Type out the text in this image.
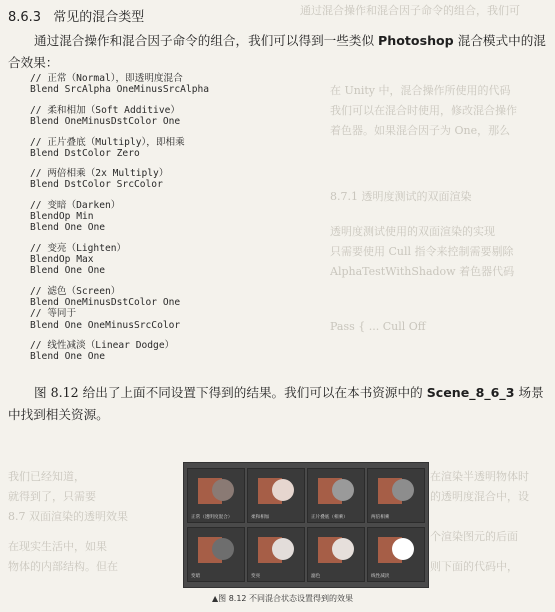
通过混合操作和混合因子命令的组合，我们可
在 Unity 中，混合操作所使用的代码
我们可以在混合时使用，修改混合操作
着色器。如果混合因子为 One，那么
8.7.1 透明度测试的双面渲染
透明度测试使用的双面渲染的实现
只需要使用 Cull 指令来控制需要剔除
AlphaTestWithShadow 着色器代码
Pass { ... Cull Off
在渲染半透明物体时
的透明度混合中，设
个渲染图元的后面
则下面的代码中，
我们已经知道，
就得到了，只需要
8.7 双面渲染的透明效果
在现实生活中，如果
物体的内部结构。但在
8.6.3 常见的混合类型
通过混合操作和混合因子命令的组合，我们可以得到一些类似 Photoshop 混合模式中的混合效果：
// 正常（Normal），即透明度混合
Blend SrcAlpha OneMinusSrcAlpha
// 柔和相加（Soft Additive）
Blend OneMinusDstColor One
// 正片叠底（Multiply），即相乘
Blend DstColor Zero
// 两倍相乘（2x Multiply）
Blend DstColor SrcColor
// 变暗（Darken）
BlendOp Min
Blend One One
// 变亮（Lighten）
BlendOp Max
Blend One One
// 滤色（Screen）
Blend OneMinusDstColor One
// 等同于
Blend One OneMinusSrcColor
// 线性减淡（Linear Dodge）
Blend One One
图 8.12 给出了上面不同设置下得到的结果。我们可以在本书资源中的 Scene_8_6_3 场景中找到相关资源。
正常（透明度混合）	柔和相加	正片叠底（相乘）	两倍相乘
变暗	变亮	滤色	线性减淡
▲图 8.12 不同混合状态设置得到的效果
